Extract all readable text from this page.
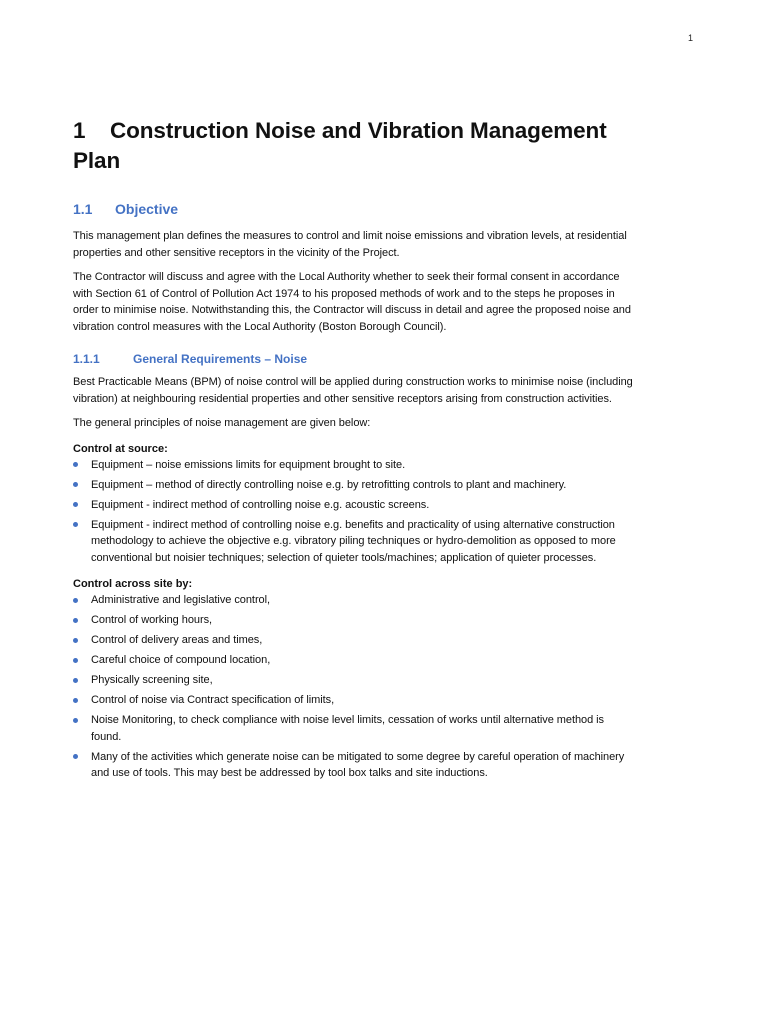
1
1 Construction Noise and Vibration Management Plan
1.1 Objective

This management plan defines the measures to control and limit noise emissions and vibration levels, at residential properties and other sensitive receptors in the vicinity of the Project.

The Contractor will discuss and agree with the Local Authority whether to seek their formal consent in accordance with Section 61 of Control of Pollution Act 1974 to his proposed methods of work and to the steps he proposes in order to minimise noise. Notwithstanding this, the Contractor will discuss in detail and agree the proposed noise and vibration control measures with the Local Authority (Boston Borough Council).

1.1.1	General Requirements – Noise

Best Practicable Means (BPM) of noise control will be applied during construction works to minimise noise (including vibration) at neighbouring residential properties and other sensitive receptors arising from construction activities.

The general principles of noise management are given below:

Control at source:
Equipment – noise emissions limits for equipment brought to site.
Equipment – method of directly controlling noise e.g. by retrofitting controls to plant and machinery.
Equipment - indirect method of controlling noise e.g. acoustic screens.
Equipment - indirect method of controlling noise e.g. benefits and practicality of using alternative construction methodology to achieve the objective e.g. vibratory piling techniques or hydro-demolition as opposed to more conventional but noisier techniques; selection of quieter tools/machines; application of quieter processes.
Control across site by:
Administrative and legislative control,
Control of working hours,
Control of delivery areas and times,
Careful choice of compound location,
Physically screening site,
Control of noise via Contract specification of limits,
Noise Monitoring, to check compliance with noise level limits, cessation of works until alternative method is found.
Many of the activities which generate noise can be mitigated to some degree by careful operation of machinery and use of tools. This may best be addressed by tool box talks and site inductions.
